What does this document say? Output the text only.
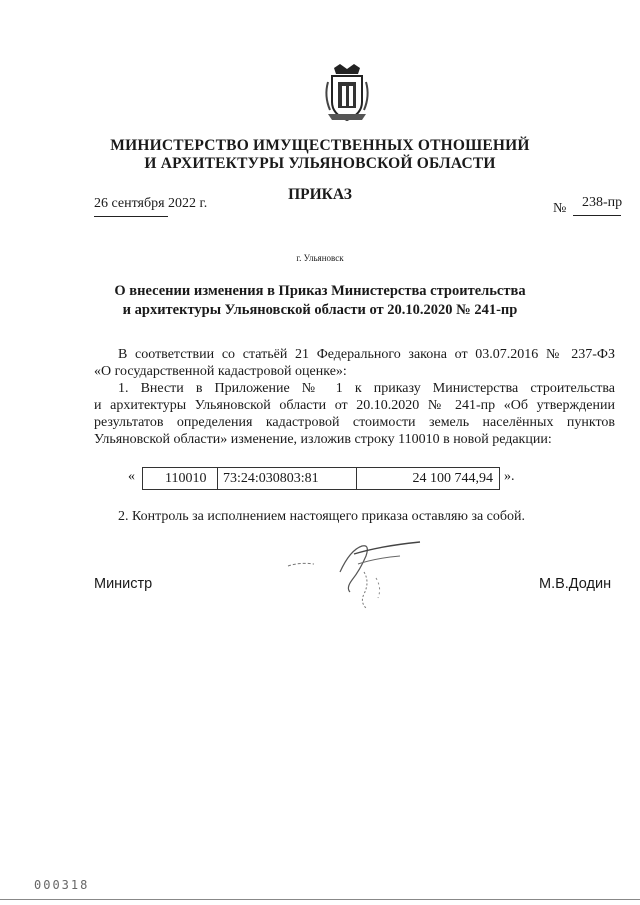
МИНИСТЕРСТВО ИМУЩЕСТВЕННЫХ ОТНОШЕНИЙ
И АРХИТЕКТУРЫ УЛЬЯНОВСКОЙ ОБЛАСТИ
ПРИКАЗ
26 сентября 2022 г.	№ 238-пр
г. Ульяновск
О внесении изменения в Приказ Министерства строительства
и архитектуры Ульяновской области от 20.10.2020 № 241-пр
В соответствии со статьёй 21 Федерального закона от 03.07.2016 № 237-ФЗ
«О государственной кадастровой оценке»:
1. Внести в Приложение № 1 к приказу Министерства строительства
и архитектуры Ульяновской области от 20.10.2020 № 241-пр «Об утверждении
результатов определения кадастровой стоимости земель населённых пунктов
Ульяновской области» изменение, изложив строку 110010 в новой редакции:
« 110010 73:24:030803:81	24 100 744,94 ».
2. Контроль за исполнением настоящего приказа оставляю за собой.
Министр	М.В.Додин
000318
